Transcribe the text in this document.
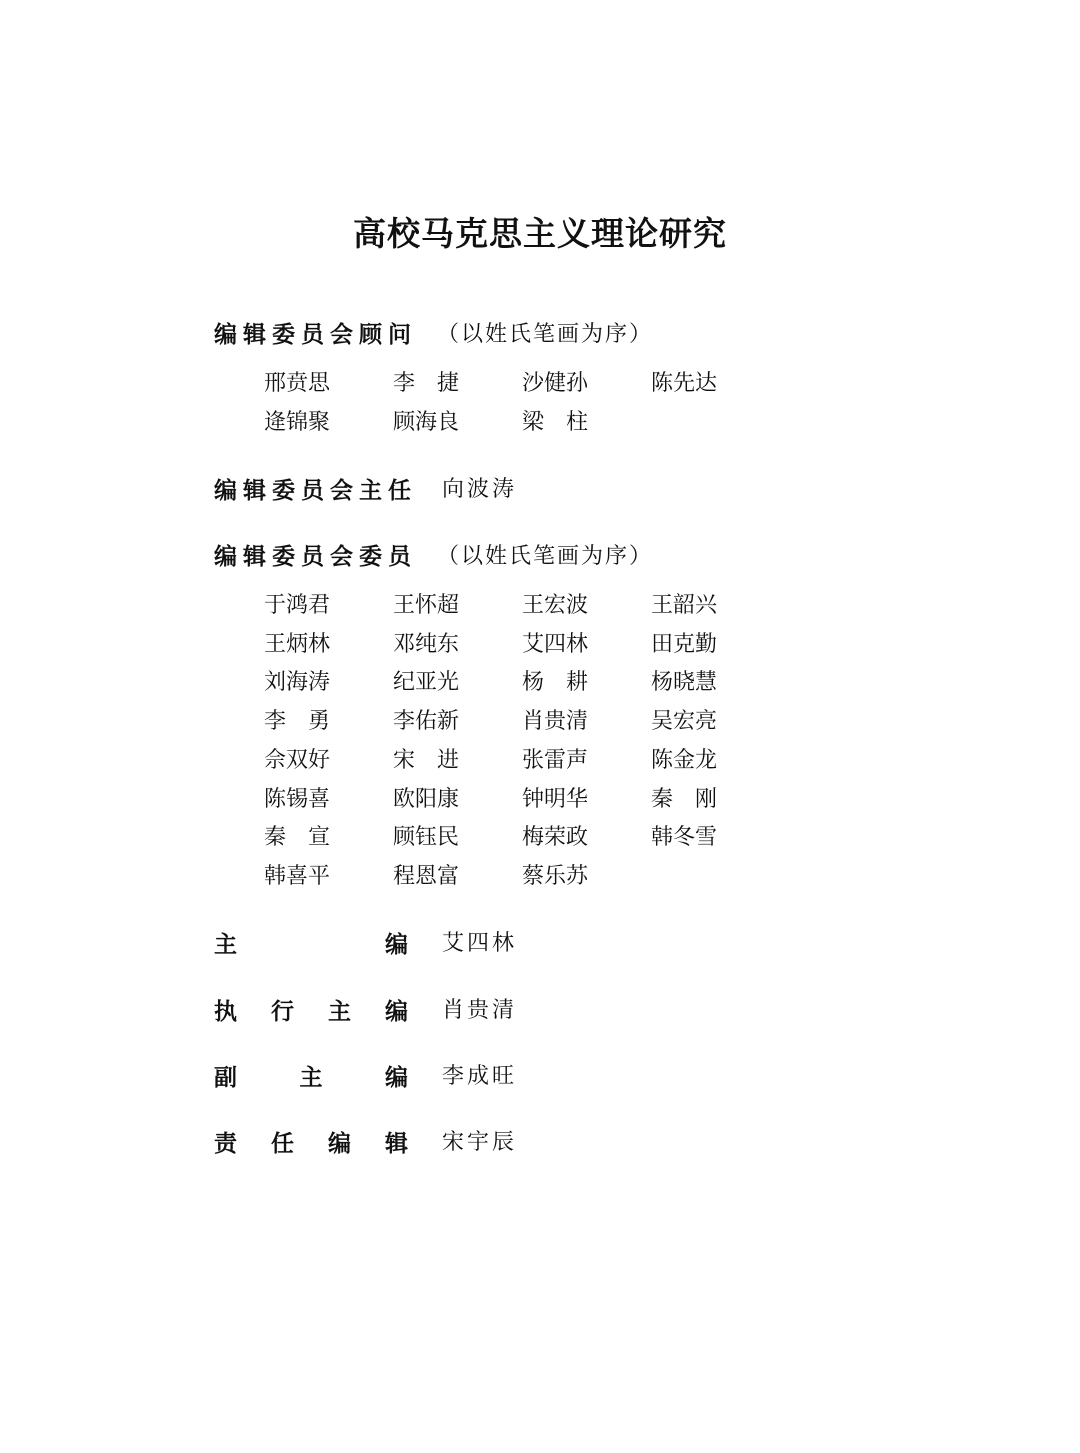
高校马克思主义理论研究
编辑委员会顾问 （以姓氏笔画为序）
邢贲思	李　捷	沙健孙	陈先达
逄锦聚	顾海良	梁　柱
编辑委员会主任 向波涛
编辑委员会委员 （以姓氏笔画为序）
于鸿君	王怀超	王宏波	王韶兴
王炳林	邓纯东	艾四林	田克勤
刘海涛	纪亚光	杨　耕	杨晓慧
李　勇	李佑新	肖贵清	吴宏亮
佘双好	宋　进	张雷声	陈金龙
陈锡喜	欧阳康	钟明华	秦　刚
秦　宣	顾钰民	梅荣政	韩冬雪
韩喜平	程恩富	蔡乐苏
主	编 艾四林
执 行 主 编 肖贵清
副	主	编 李成旺
责 任 编 辑 宋宇辰
